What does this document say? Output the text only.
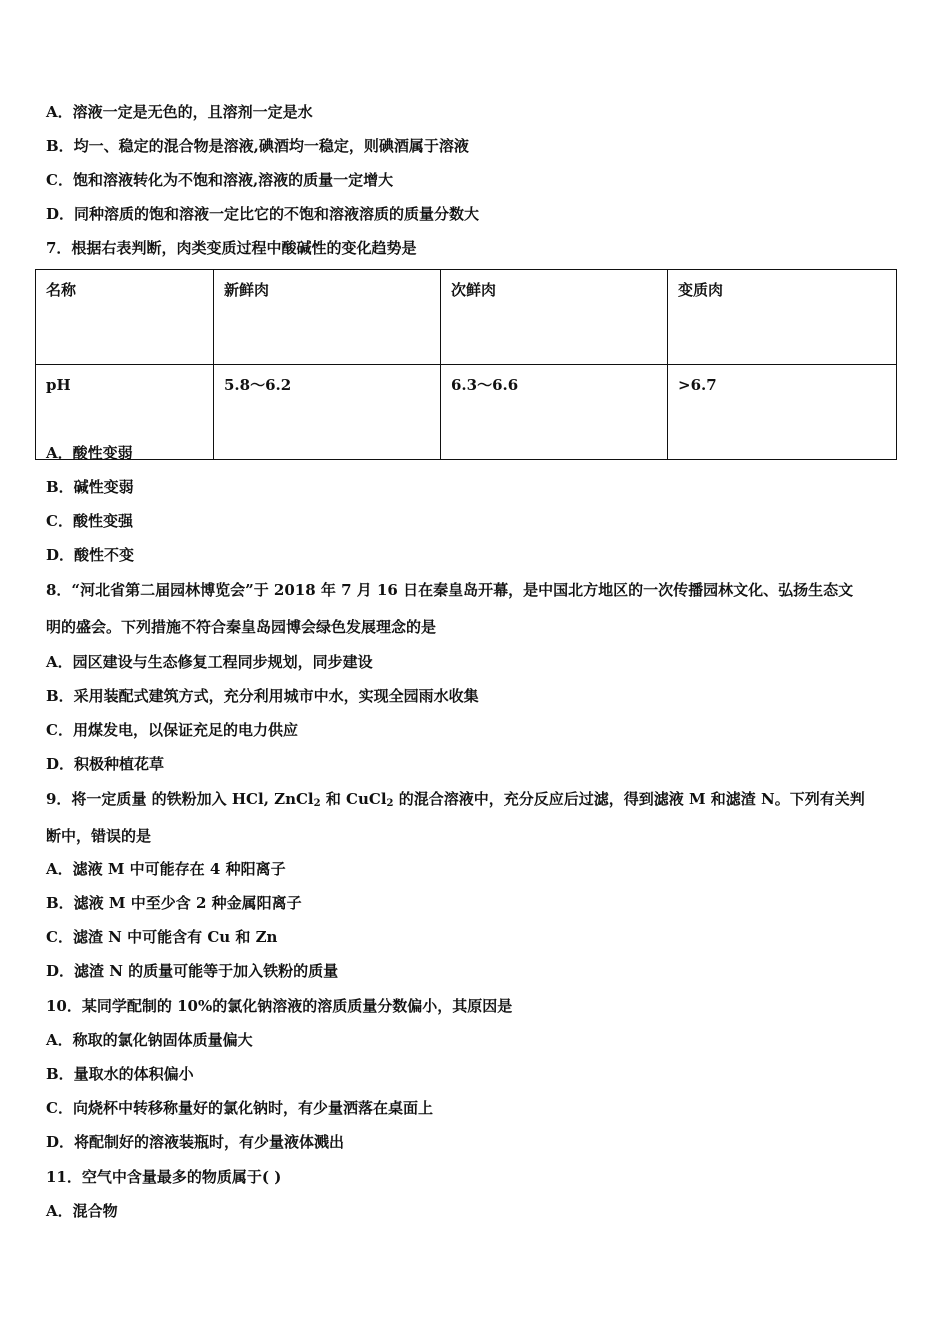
A．溶液一定是无色的，且溶剂一定是水
B．均一、稳定的混合物是溶液,碘酒均一稳定，则碘酒属于溶液
C．饱和溶液转化为不饱和溶液,溶液的质量一定增大
D．同种溶质的饱和溶液一定比它的不饱和溶液溶质的质量分数大
7．根据右表判断，肉类变质过程中酸碱性的变化趋势是
名称	新鲜肉	次鲜肉	变质肉
pH	5.8～6.2	6.3～6.6	>6.7
A．酸性变弱
B．碱性变弱
C．酸性变强
D．酸性不变
8．“河北省第二届园林博览会”于 2018 年 7 月 16 日在秦皇岛开幕，是中国北方地区的一次传播园林文化、弘扬生态文
明的盛会。下列措施不符合秦皇岛园博会绿色发展理念的是
A．园区建设与生态修复工程同步规划，同步建设
B．采用装配式建筑方式，充分利用城市中水，实现全园雨水收集
C．用煤发电，以保证充足的电力供应
D．积极种植花草
9．将一定质量 的铁粉加入 HCl, ZnCl$_2$ 和 CuCl$_2$ 的混合溶液中，充分反应后过滤，得到滤液 M 和滤渣 N。下列有关判
断中，错误的是
A．滤液 M 中可能存在 4 种阳离子
B．滤液 M 中至少含 2 种金属阳离子
C．滤渣 N 中可能含有 Cu 和 Zn
D．滤渣 N 的质量可能等于加入铁粉的质量
10．某同学配制的 10%的氯化钠溶液的溶质质量分数偏小，其原因是
A．称取的氯化钠固体质量偏大
B．量取水的体积偏小
C．向烧杯中转移称量好的氯化钠时，有少量洒落在桌面上
D．将配制好的溶液装瓶时，有少量液体溅出
11．空气中含量最多的物质属于( )
A．混合物
